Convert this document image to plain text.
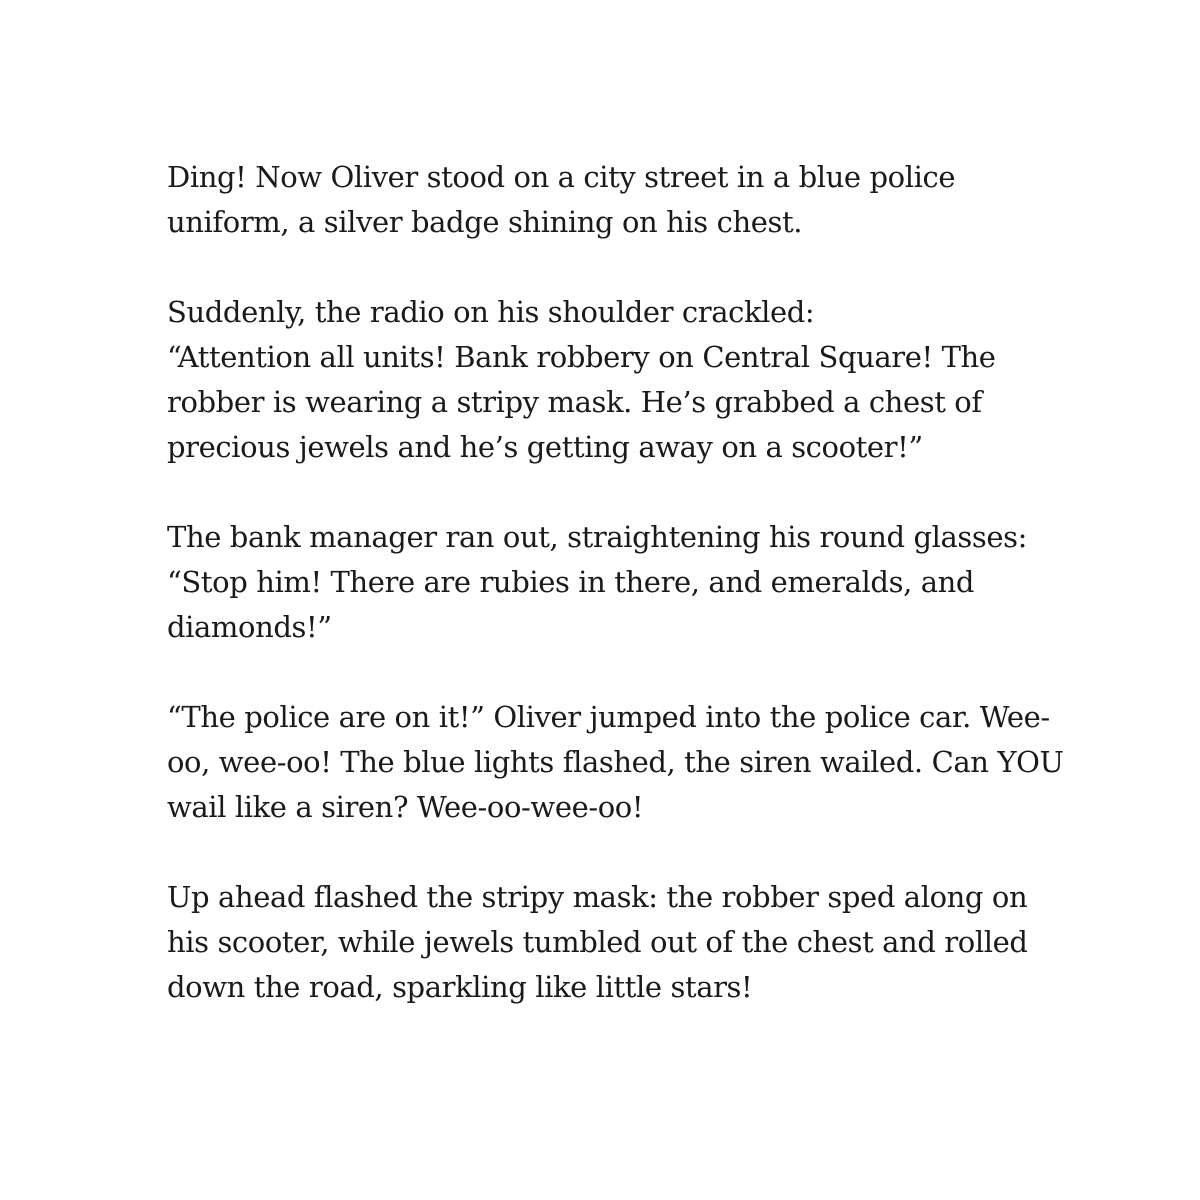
Ding! Now Oliver stood on a city street in a blue police
uniform, a silver badge shining on his chest.

Suddenly, the radio on his shoulder crackled:
“Attention all units! Bank robbery on Central Square! The
robber is wearing a stripy mask. He’s grabbed a chest of
precious jewels and he’s getting away on a scooter!”

The bank manager ran out, straightening his round glasses:
“Stop him! There are rubies in there, and emeralds, and
diamonds!”

“The police are on it!” Oliver jumped into the police car. Wee-
oo, wee-oo! The blue lights flashed, the siren wailed. Can YOU
wail like a siren? Wee-oo-wee-oo!

Up ahead flashed the stripy mask: the robber sped along on
his scooter, while jewels tumbled out of the chest and rolled
down the road, sparkling like little stars!
